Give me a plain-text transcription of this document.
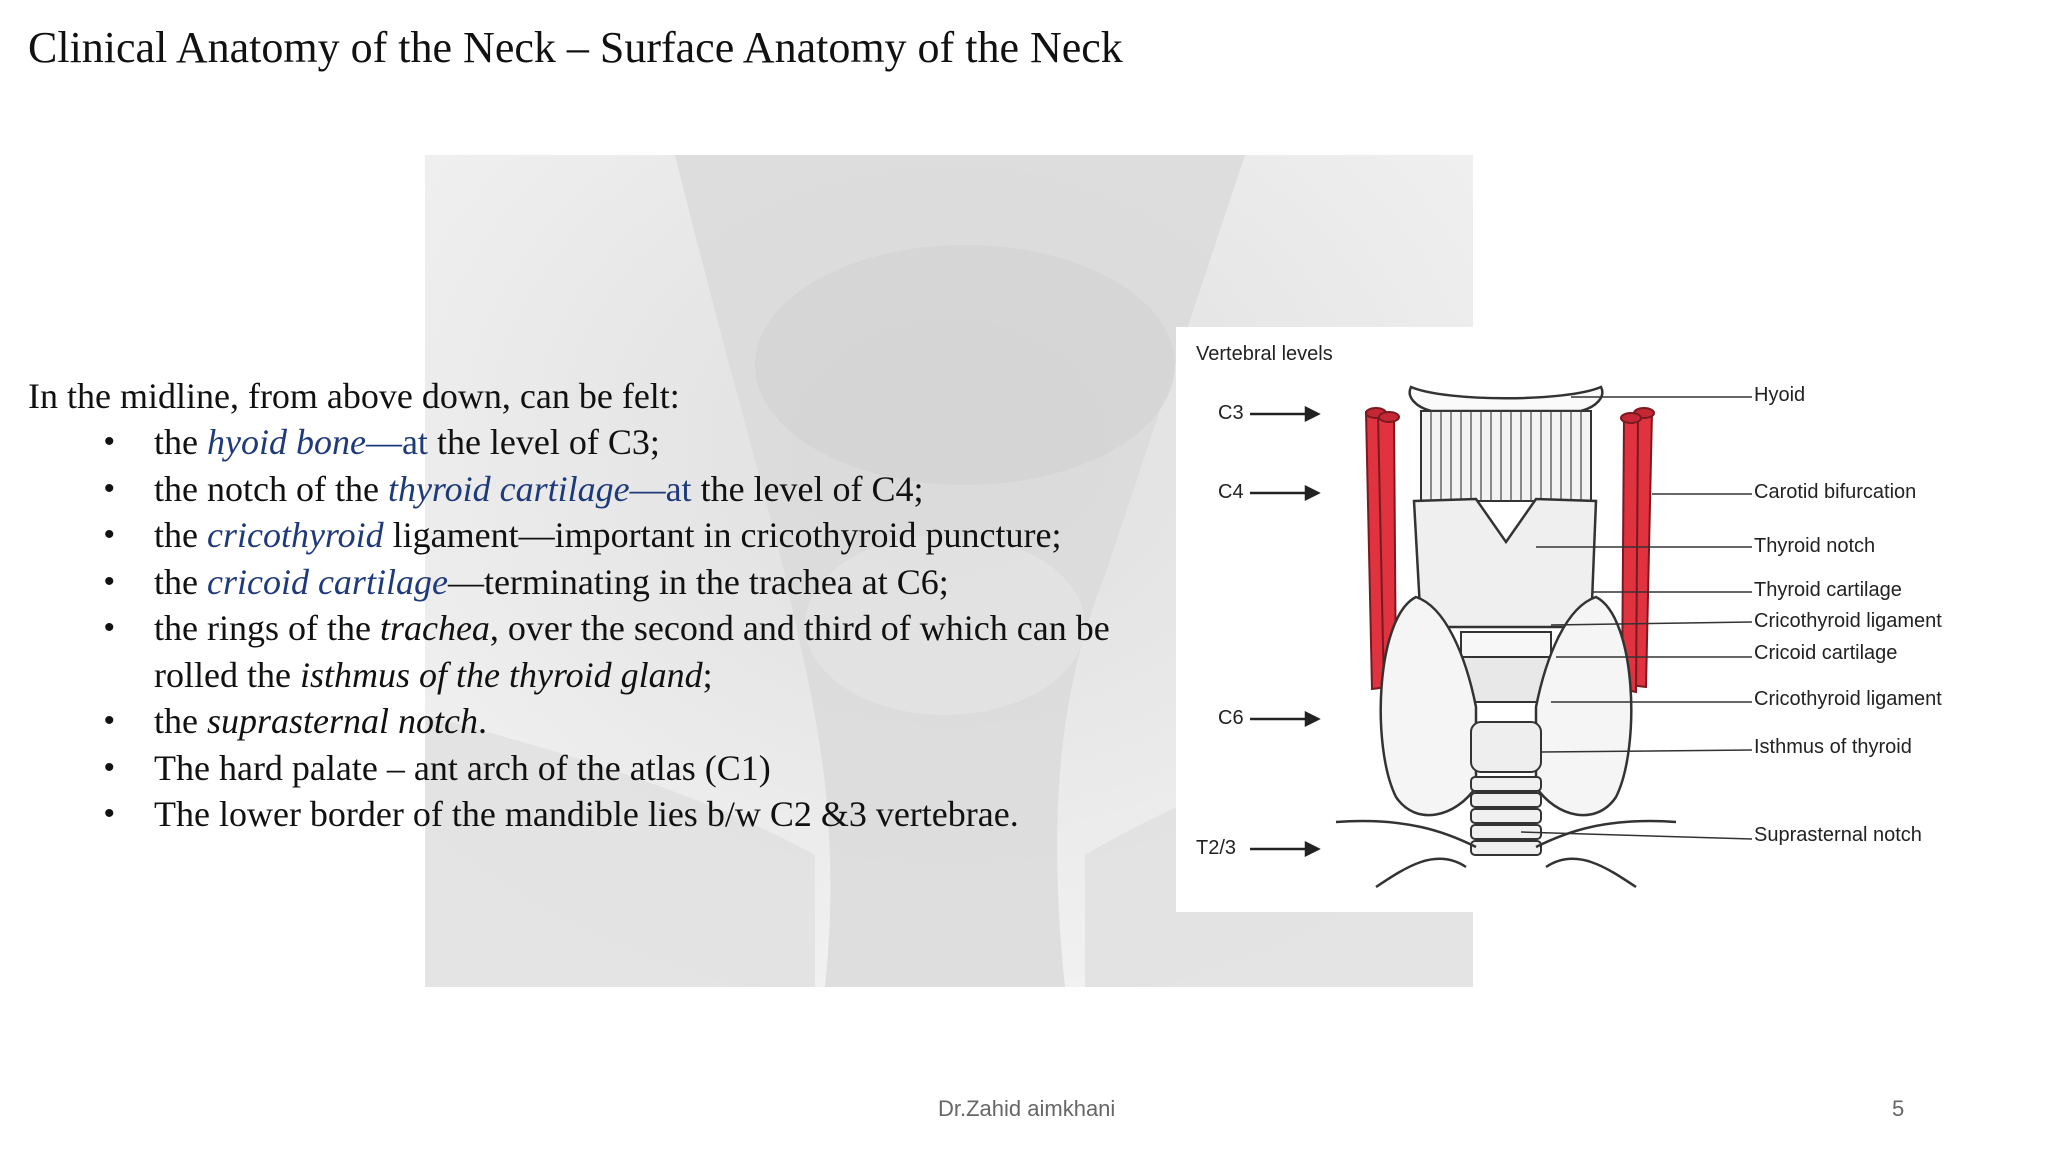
Clinical Anatomy of the Neck – Surface Anatomy of the Neck
In the midline, from above down, can be felt:
• the hyoid bone—at the level of C3;
• the notch of the thyroid cartilage—at the level of C4;
• the cricothyroid ligament—important in cricothyroid puncture;
• the cricoid cartilage—terminating in the trachea at C6;
• the rings of the trachea, over the second and third of which can be
rolled the isthmus of the thyroid gland;
• the suprasternal notch.
• The hard palate – ant arch of the atlas (C1)
• The lower border of the mandible lies b/w C2 &3 vertebrae.
Vertebral levels
C3
C4
C6
T2/3
Hyoid
Carotid bifurcation
Thyroid notch
Thyroid cartilage
Cricothyroid ligament
Cricoid cartilage
Cricothyroid ligament
Isthmus of thyroid
Suprasternal notch
Dr.Zahid aimkhani	5
